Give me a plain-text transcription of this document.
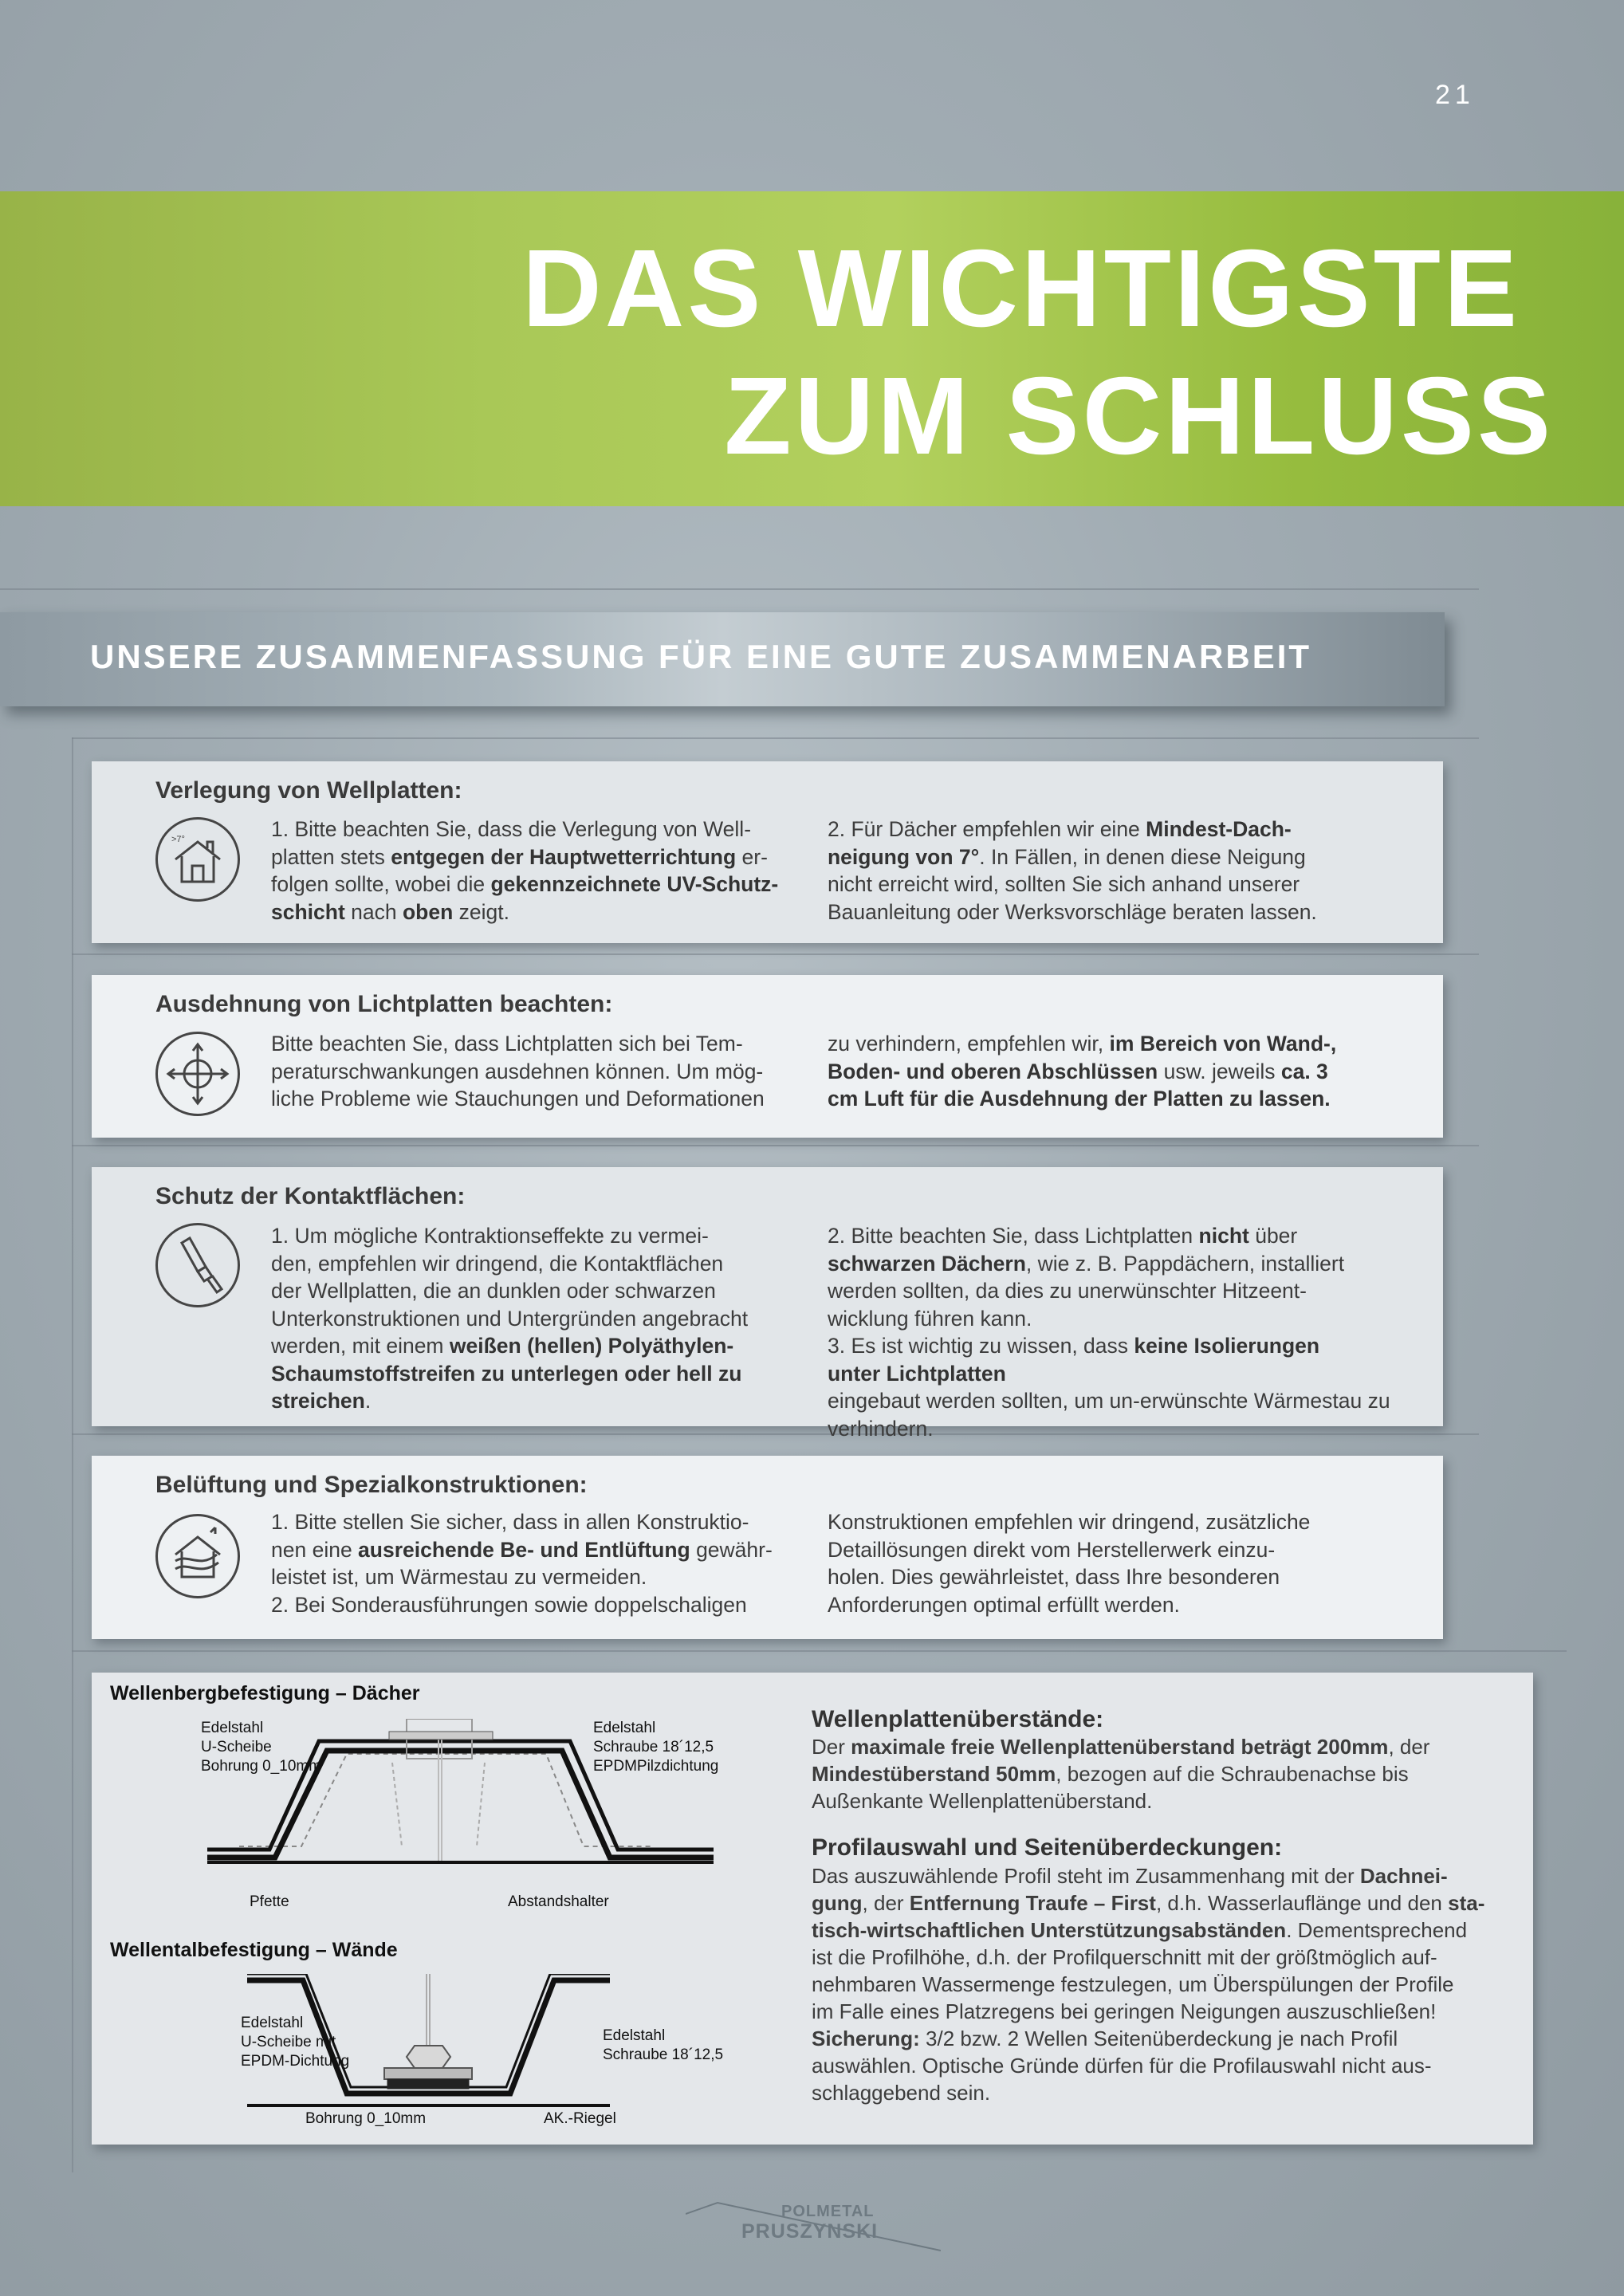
21
DAS WICHTIGSTE
ZUM SCHLUSS
UNSERE ZUSAMMENFASSUNG FÜR EINE GUTE ZUSAMMENARBEIT
Verlegung von Wellplatten:
>7°	1. Bitte beachten Sie, dass die Verlegung von Well-
platten stets entgegen der Hauptwetterrichtung er-
folgen sollte, wobei die gekennzeichnete UV-Schutz-
schicht nach oben zeigt.

2. Für Dächer empfehlen wir eine Mindest-Dach-
neigung von 7°. In Fällen, in denen diese Neigung
nicht erreicht wird, sollten Sie sich anhand unserer
Bauanleitung oder Werksvorschläge beraten lassen.

Ausdehnung von Lichtplatten beachten:
Bitte beachten Sie, dass Lichtplatten sich bei Tem-
peraturschwankungen ausdehnen können. Um mög-
liche Probleme wie Stauchungen und Deformationen

zu verhindern, empfehlen wir, im Bereich von Wand-,
Boden- und oberen Abschlüssen usw. jeweils ca. 3
cm Luft für die Ausdehnung der Platten zu lassen.

Schutz der Kontaktflächen:
1. Um mögliche Kontraktionseffekte zu vermei-
den, empfehlen wir dringend, die Kontaktflächen
der Wellplatten, die an dunklen oder schwarzen
Unterkonstruktionen und Untergründen angebracht
werden, mit einem weißen (hellen) Polyäthylen-
Schaumstoffstreifen zu unterlegen oder hell zu
streichen.

2. Bitte beachten Sie, dass Lichtplatten nicht über
schwarzen Dächern, wie z. B. Pappdächern, installiert
werden sollten, da dies zu unerwünschter Hitzeent-
wicklung führen kann.
3. Es ist wichtig zu wissen, dass keine Isolierungen
unter Lichtplatten
eingebaut werden sollten, um un-erwünschte Wärmestau zu verhindern.
Belüftung und Spezialkonstruktionen:
1. Bitte stellen Sie sicher, dass in allen Konstruktio-
nen eine ausreichende Be- und Entlüftung gewähr-
leistet ist, um Wärmestau zu vermeiden.
2. Bei Sonderausführungen sowie doppelschaligen

Konstruktionen empfehlen wir dringend, zusätzliche
Detaillösungen direkt vom Herstellerwerk einzu-
holen. Dies gewährleistet, dass Ihre besonderen
Anforderungen optimal erfüllt werden.

Wellenbergbefestigung – Dächer
Edelstahl
U-Scheibe
Bohrung 0_10mm
Edelstahl
Schraube 18´12,5
EPDMPilzdichtung
Pfette	Abstandshalter
Wellentalbefestigung – Wände
Edelstahl
U-Scheibe mit
EPDM-Dichtung
Edelstahl
Schraube 18´12,5
Bohrung 0_10mm	AK.-Riegel
Wellenplattenüberstände:
Der maximale freie Wellenplattenüberstand beträgt 200mm, der
Mindestüberstand 50mm, bezogen auf die Schraubenachse bis
Außenkante Wellenplattenüberstand.

Profilauswahl und Seitenüberdeckungen:
Das auszuwählende Profil steht im Zusammenhang mit der Dachnei-
gung, der Entfernung Traufe – First, d.h. Wasserlauflänge und den sta-
tisch-wirtschaftlichen Unterstützungsabständen. Dementsprechend
ist die Profilhöhe, d.h. der Profilquerschnitt mit der größtmöglich auf-
nehmbaren Wassermenge festzulegen, um Überspülungen der Profile
im Falle eines Platzregens bei geringen Neigungen auszuschließen!
Sicherung: 3/2 bzw. 2 Wellen Seitenüberdeckung je nach Profil
auswählen. Optische Gründe dürfen für die Profilauswahl nicht aus-
schlaggebend sein.

POLMETAL
PRUSZYNSKI
